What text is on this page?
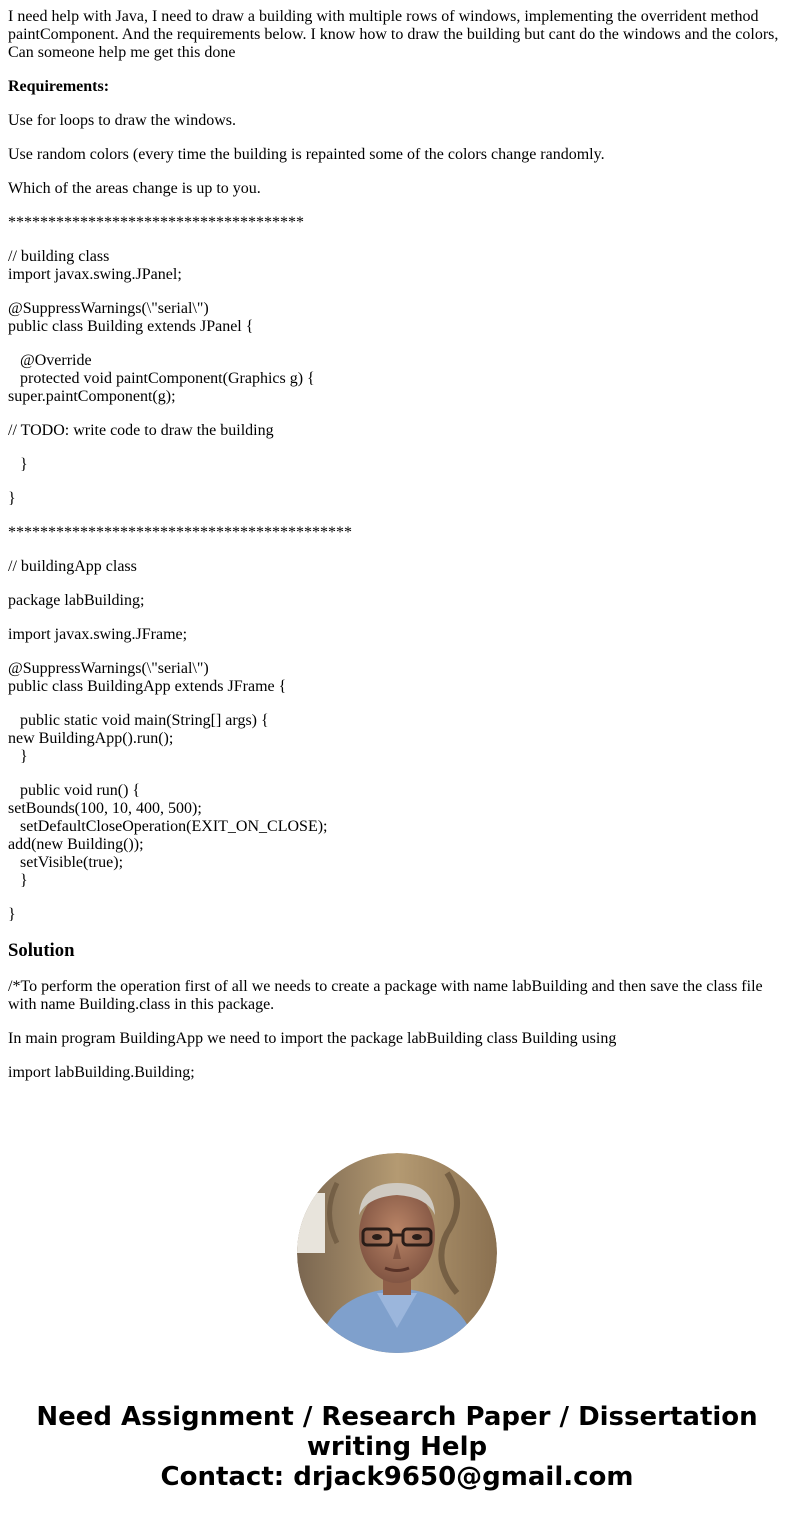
I need help with Java, I need to draw a building with multiple rows of windows, implementing the overrident method paintComponent. And the requirements below. I know how to draw the building but cant do the windows and the colors, Can someone help me get this done

Requirements:

Use for loops to draw the windows.

Use random colors (every time the building is repainted some of the colors change randomly.

Which of the areas change is up to you.

*************************************

// building class
import javax.swing.JPanel;

@SuppressWarnings(\"serial\")
public class Building extends JPanel {

@Override
protected void paintComponent(Graphics g) {
super.paintComponent(g);

// TODO: write code to draw the building

}

}

*******************************************

// buildingApp class

package labBuilding;

import javax.swing.JFrame;

@SuppressWarnings(\"serial\")
public class BuildingApp extends JFrame {

public static void main(String[] args) {
new BuildingApp().run();
}

public void run() {
setBounds(100, 10, 400, 500);
setDefaultCloseOperation(EXIT_ON_CLOSE);
add(new Building());
setVisible(true);
}

}

Solution

/*To perform the operation first of all we needs to create a package with name labBuilding and then save the class file with name Building.class in this package.

In main program BuildingApp we need to import the package labBuilding class Building using

import labBuilding.Building;

Need Assignment / Research Paper / Dissertation
writing Help
Contact: drjack9650@gmail.com
